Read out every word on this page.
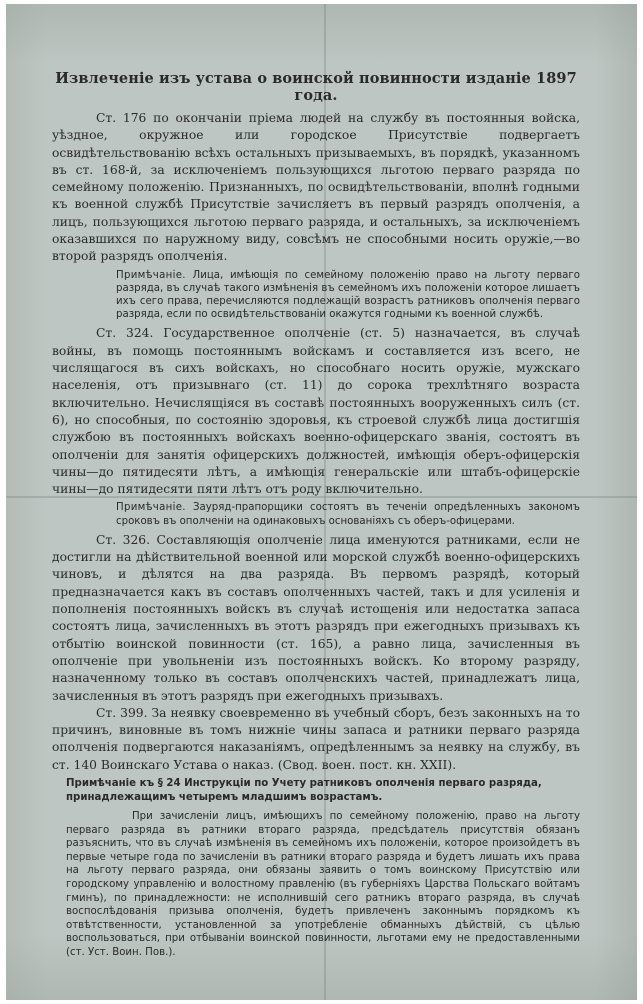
Извлеченіе изъ устава о воинской повинности изданіе 1897 года.

Ст. 176 по окончаніи пріема людей на службу въ постоянныя войска, уѣздное, окружное или городское Присутствіе подвергаетъ освидѣтельствованію всѣхъ остальныхъ призываемыхъ, въ порядкѣ, указанномъ въ ст. 168-й, за исключеніемъ пользующихся льготою перваго разряда по семейному положенію. Признанныхъ, по освидѣтельствованіи, вполнѣ годными къ военной службѣ Присутствіе зачисляетъ въ первый разрядъ ополченія, а лицъ, пользующихся льготою перваго разряда, и остальныхъ, за исключеніемъ оказавшихся по наружному виду, совсѣмъ не способными носить оружіе,—во второй разрядъ ополченія.

Примѣчаніе. Лица, имѣющія по семейному положенію право на льготу перваго разряда, въ случаѣ такого измѣненія въ семейномъ ихъ положеніи которое лишаетъ ихъ сего права, перечисляются подлежащій возрастъ ратниковъ ополченія перваго разряда, если по освидѣтельствованіи окажутся годными къ военной службѣ.

Ст. 324. Государственное ополченіе (ст. 5) назначается, въ случаѣ войны, въ помощь постояннымъ войскамъ и составляется изъ всего, не числящагося въ сихъ войскахъ, но способнаго носить оружіе, мужскаго населенія, отъ призывнаго (ст. 11) до сорока трехлѣтняго возраста включительно. Нечислящіяся въ составѣ постоянныхъ вооруженныхъ силъ (ст. 6), но способныя, по состоянію здоровья, къ строевой службѣ лица достигшія службою въ постоянныхъ войскахъ военно-офицерскаго званія, состоятъ въ ополченіи для занятія офицерскихъ должностей, имѣющія оберъ-офицерскія чины—до пятидесяти лѣтъ, а имѣющія генеральскіе или штабъ-офицерскіе чины—до пятидесяти пяти лѣтъ отъ роду включительно.

Примѣчаніе. Зауряд-прапорщики состоятъ въ теченіи опредѣленныхъ закономъ сроковъ въ ополченіи на одинаковыхъ основаніяхъ съ оберъ-офицерами.

Ст. 326. Составляющія ополченіе лица именуются ратниками, если не достигли на дѣйствительной военной или морской службѣ военно-офицерскихъ чиновъ, и дѣлятся на два разряда. Въ первомъ разрядѣ, который предназначается какъ въ составъ ополченныхъ частей, такъ и для усиленія и пополненія постоянныхъ войскъ въ случаѣ истощенія или недостатка запаса состоятъ лица, зачисленныхъ въ этотъ разрядъ при ежегодныхъ призывахъ къ отбытію воинской повинности (ст. 165), а равно лица, зачисленныя въ ополченіе при увольненіи изъ постоянныхъ войскъ. Ко второму разряду, назначенному только въ составъ ополченскихъ частей, принадлежатъ лица, зачисленныя въ этотъ разрядъ при ежегодныхъ призывахъ.

Ст. 399. За неявку своевременно въ учебный сборъ, безъ законныхъ на то причинъ, виновные въ томъ нижніе чины запаса и ратники перваго разряда ополченія подвергаются наказаніямъ, опредѣленнымъ за неявку на службу, въ ст. 140 Воинскаго Устава о наказ. (Свод. воен. пост. кн. XXII).

Примѣчаніе къ § 24 Инструкціи по Учету ратниковъ ополченія перваго разряда, принадлежащимъ четыремъ младшимъ возрастамъ.

При зачисленіи лицъ, имѣющихъ по семейному положенію, право на льготу перваго разряда въ ратники втораго разряда, предсѣдатель присутствія обязанъ разъяснить, что въ случаѣ измѣненія въ семейномъ ихъ положеніи, которое произойдетъ въ первые четыре года по зачисленіи въ ратники втораго разряда и будетъ лишать ихъ права на льготу перваго разряда, они обязаны заявить о томъ воинскому Присутствію или городскому управленію и волостному правленію (въ губерніяхъ Царства Польскаго войтамъ гминъ), по принадлежности: не исполнившій сего ратникъ втораго разряда, въ случаѣ воспослѣдованія призыва ополченія, будетъ привлеченъ законнымъ порядкомъ къ отвѣтственности, установленной за употребленіе обманныхъ дѣйствій, съ цѣлью воспользоваться, при отбываніи воинской повинности, льготами ему не предоставленными (ст. Уст. Воин. Пов.).
